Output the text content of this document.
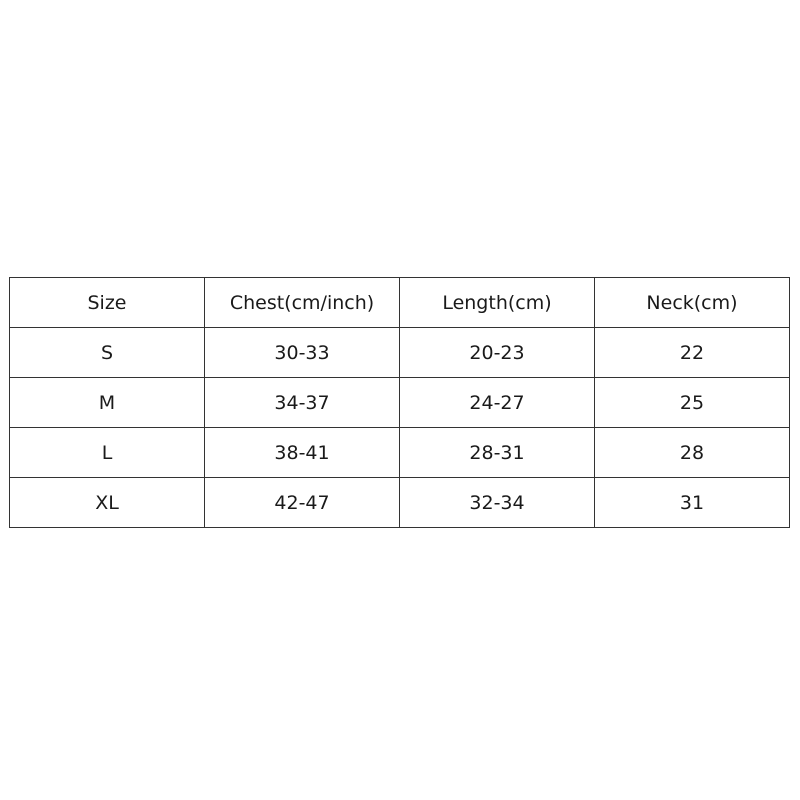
Size	Chest(cm/inch)	Length(cm)	Neck(cm)
S	30-33	20-23	22
M	34-37	24-27	25
L	38-41	28-31	28
XL	42-47	32-34	31
